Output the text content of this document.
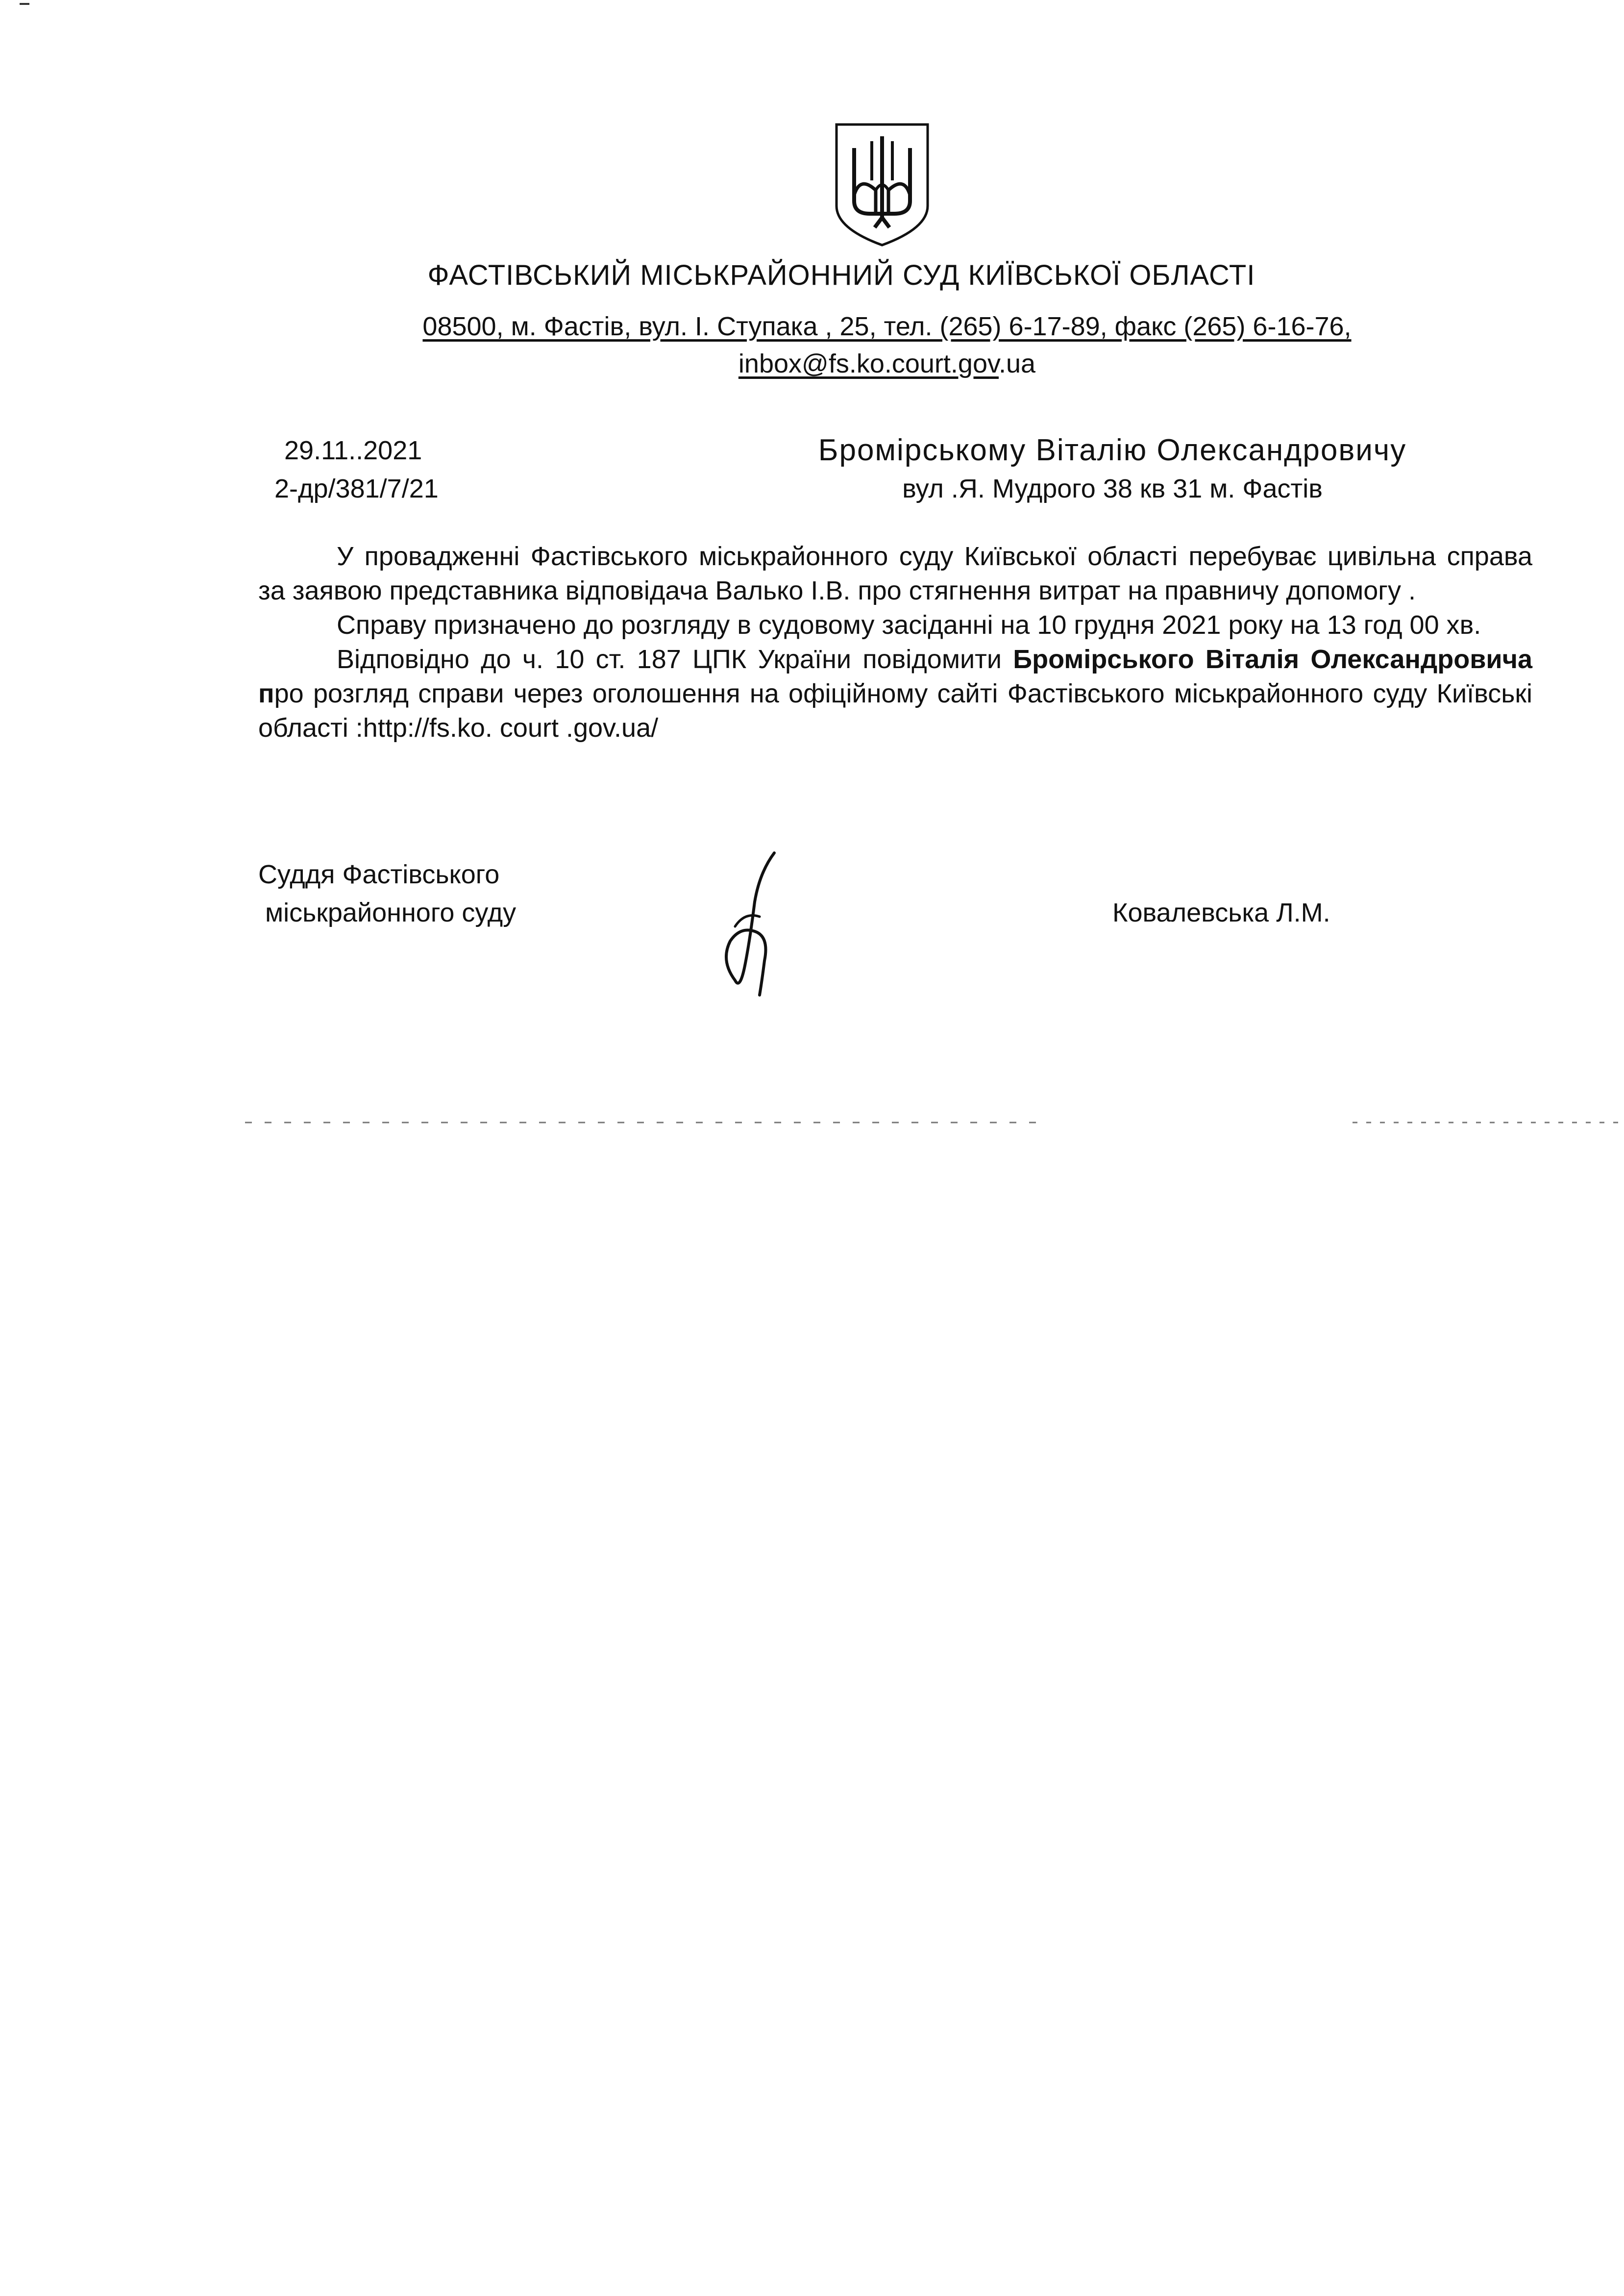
ФАСТІВСЬКИЙ МІСЬКРАЙОННИЙ СУД КИЇВСЬКОЇ ОБЛАСТІ
08500, м. Фастів, вул. І. Ступака , 25, тел. (265) 6-17-89, факс (265) 6-16-76,
inbox@fs.ko.court.gov.ua
29.11..2021
2-др/381/7/21
Бромірському Віталію Олександровичу
вул .Я. Мудрого 38 кв 31 м. Фастів

У провадженні Фастівського міськрайонного суду Київської області перебуває цивільна справа за заявою представника відповідача Валько І.В. про стягнення витрат на правничу допомогу .

Справу призначено до розгляду в судовому засіданні на 10 грудня 2021 року на 13 год 00 хв.

Відповідно до ч. 10 ст. 187 ЦПК України повідомити Бромірського Віталія Олександровича про розгляд справи через оголошення на офіційному сайті Фастівського міськрайонного суду Київські області :http://fs.ko. court .gov.ua/

Суддя Фастівського
міськрайонного суду	Ковалевська Л.М.
